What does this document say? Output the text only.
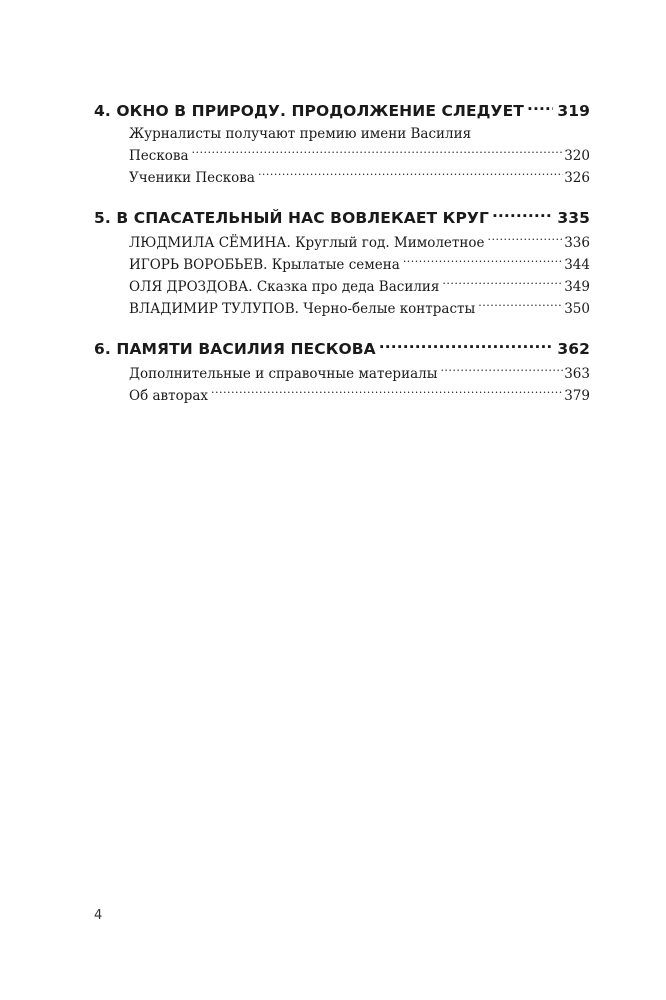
4. ОКНО В ПРИРОДУ. ПРОДОЛЖЕНИЕ СЛЕДУЕТ ..... 319
Журналисты получают премию имени Василия
Пескова .....	320
Ученики Пескова .....	326
5. В СПАСАТЕЛЬНЫЙ НАС ВОВЛЕКАЕТ КРУГ .....	335
ЛЮДМИЛА СЁМИНА. Круглый год. Мимолетное .....	336
ИГОРЬ ВОРОБЬЕВ. Крылатые семена .....	344
ОЛЯ ДРОЗДОВА. Сказка про деда Василия .....	349
ВЛАДИМИР ТУЛУПОВ. Черно-белые контрасты .....	350
6. ПАМЯТИ ВАСИЛИЯ ПЕСКОВА .....	362
Дополнительные и справочные материалы .....	363
Об авторах .....	379
4
